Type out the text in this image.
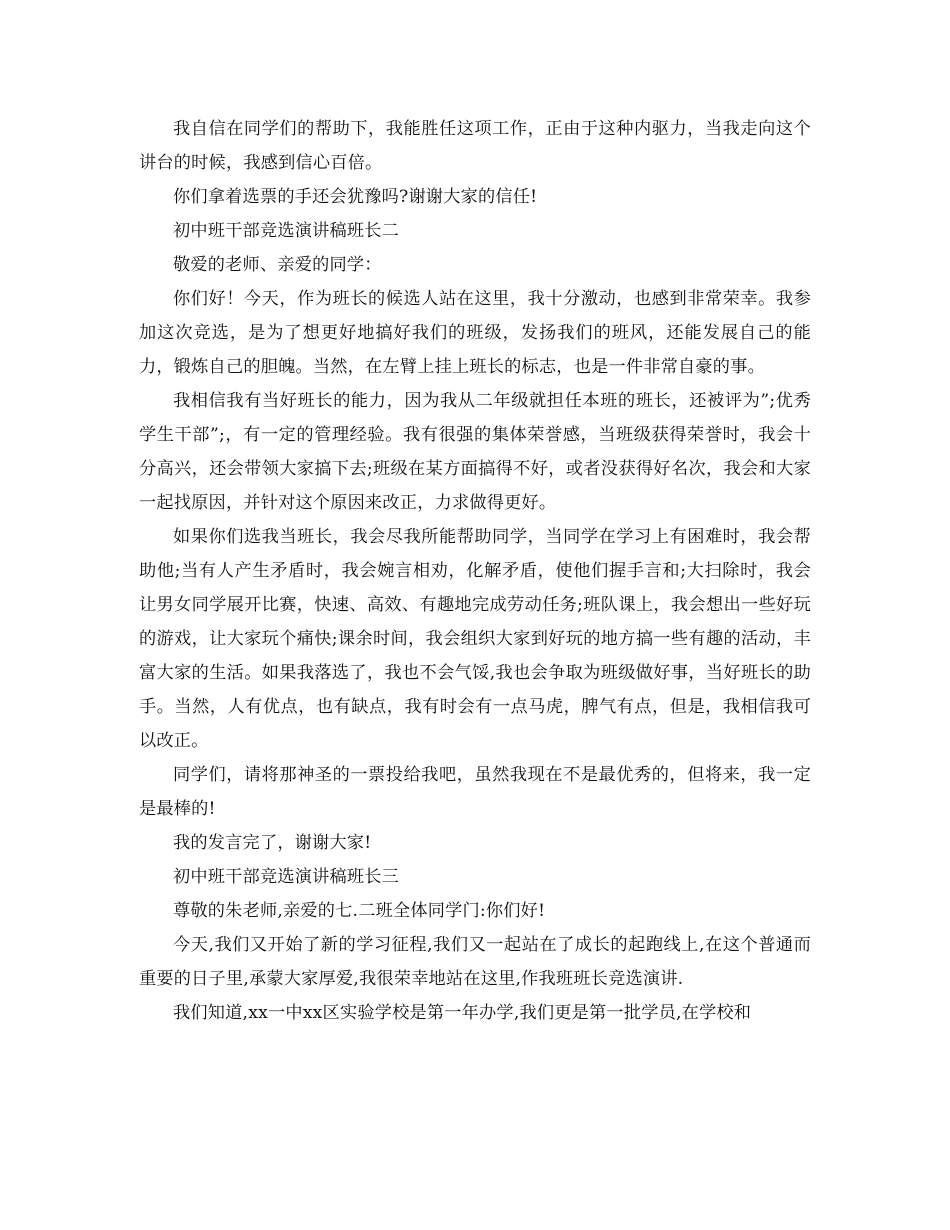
我自信在同学们的帮助下，我能胜任这项工作，正由于这种内驱力，当我走向这个讲台的时候，我感到信心百倍。

你们拿着选票的手还会犹豫吗?谢谢大家的信任!

初中班干部竞选演讲稿班长二

敬爱的老师、亲爱的同学：

你们好！今天，作为班长的候选人站在这里，我十分激动，也感到非常荣幸。我参加这次竞选，是为了想更好地搞好我们的班级，发扬我们的班风，还能发展自己的能力，锻炼自己的胆魄。当然，在左臂上挂上班长的标志，也是一件非常自豪的事。

我相信我有当好班长的能力，因为我从二年级就担任本班的班长，还被评为”;优秀学生干部”;，有一定的管理经验。我有很强的集体荣誉感，当班级获得荣誉时，我会十分高兴，还会带领大家搞下去;班级在某方面搞得不好，或者没获得好名次，我会和大家一起找原因，并针对这个原因来改正，力求做得更好。

如果你们选我当班长，我会尽我所能帮助同学，当同学在学习上有困难时，我会帮助他;当有人产生矛盾时，我会婉言相劝，化解矛盾，使他们握手言和;大扫除时，我会让男女同学展开比赛，快速、高效、有趣地完成劳动任务;班队课上，我会想出一些好玩的游戏，让大家玩个痛快;课余时间，我会组织大家到好玩的地方搞一些有趣的活动，丰富大家的生活。如果我落选了，我也不会气馁,我也会争取为班级做好事，当好班长的助手。当然，人有优点，也有缺点，我有时会有一点马虎，脾气有点，但是，我相信我可以改正。

同学们，请将那神圣的一票投给我吧，虽然我现在不是最优秀的，但将来，我一定是最棒的!

我的发言完了，谢谢大家!

初中班干部竞选演讲稿班长三

尊敬的朱老师,亲爱的七.二班全体同学门:你们好!

今天,我们又开始了新的学习征程,我们又一起站在了成长的起跑线上,在这个普通而重要的日子里,承蒙大家厚爱,我很荣幸地站在这里,作我班班长竞选演讲.

我们知道,xx一中xx区实验学校是第一年办学,我们更是第一批学员,在学校和
